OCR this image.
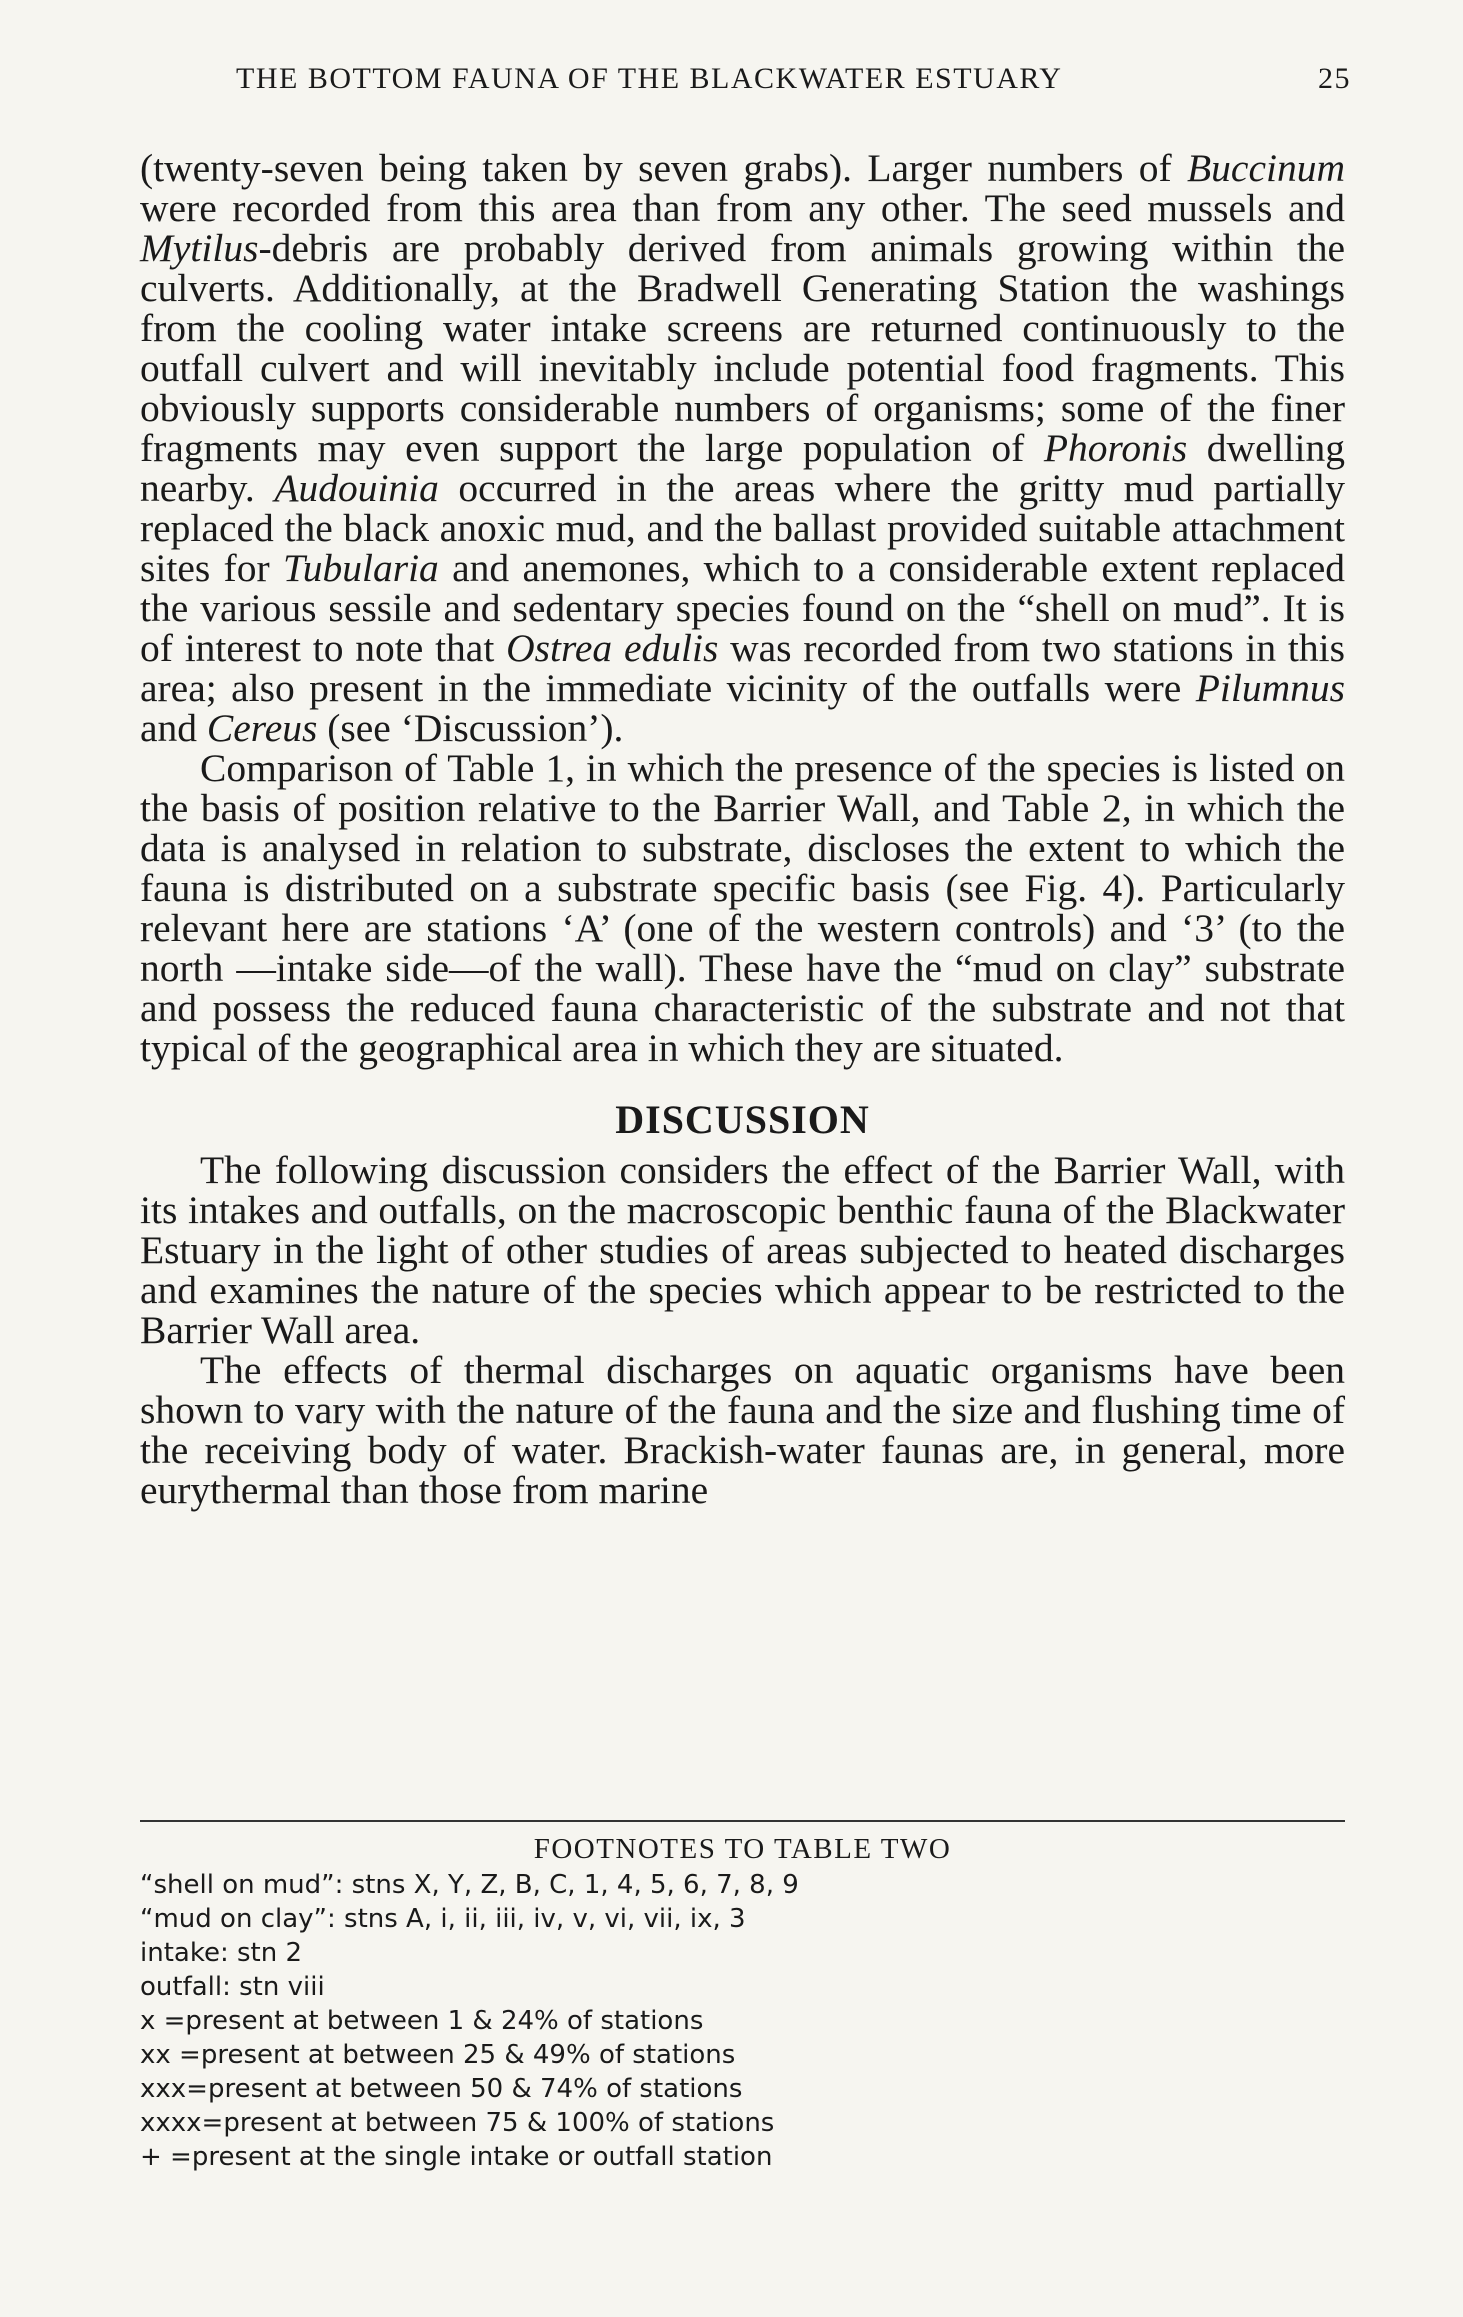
THE BOTTOM FAUNA OF THE BLACKWATER ESTUARY	25

(twenty-seven being taken by seven grabs). Larger numbers of Buccinum were recorded from this area than from any other. The seed mussels and Mytilus-debris are probably derived from animals growing within the culverts. Additionally, at the Bradwell Generating Station the washings from the cooling water intake screens are returned continuously to the outfall culvert and will inevitably include potential food fragments. This obviously supports considerable numbers of organisms; some of the finer fragments may even support the large population of Phoronis dwelling nearby. Audouinia occurred in the areas where the gritty mud partially replaced the black anoxic mud, and the ballast provided suitable attachment sites for Tubularia and anemones, which to a considerable extent replaced the various sessile and sedentary species found on the “shell on mud”. It is of interest to note that Ostrea edulis was recorded from two stations in this area; also present in the immediate vicinity of the outfalls were Pilumnus and Cereus (see ‘Discussion’).

Comparison of Table 1, in which the presence of the species is listed on the basis of position relative to the Barrier Wall, and Table 2, in which the data is analysed in relation to substrate, discloses the extent to which the fauna is distributed on a substrate specific basis (see Fig. 4). Particularly relevant here are stations ‘A’ (one of the western controls) and ‘3’ (to the north —intake side—of the wall). These have the “mud on clay” substrate and possess the reduced fauna characteristic of the substrate and not that typical of the geographical area in which they are situated.

DISCUSSION

The following discussion considers the effect of the Barrier Wall, with its intakes and outfalls, on the macroscopic benthic fauna of the Blackwater Estuary in the light of other studies of areas subjected to heated discharges and examines the nature of the species which appear to be restricted to the Barrier Wall area.

The effects of thermal discharges on aquatic organisms have been shown to vary with the nature of the fauna and the size and flushing time of the receiving body of water. Brackish-water faunas are, in general, more eurythermal than those from marine

FOOTNOTES TO TABLE TWO
“shell on mud”: stns X, Y, Z, B, C, 1, 4, 5, 6, 7, 8, 9
“mud on clay”: stns A, i, ii, iii, iv, v, vi, vii, ix, 3
intake: stn 2
outfall: stn viii
x =present at between 1 & 24% of stations
xx =present at between 25 & 49% of stations
xxx=present at between 50 & 74% of stations
xxxx=present at between 75 & 100% of stations
+ =present at the single intake or outfall station
